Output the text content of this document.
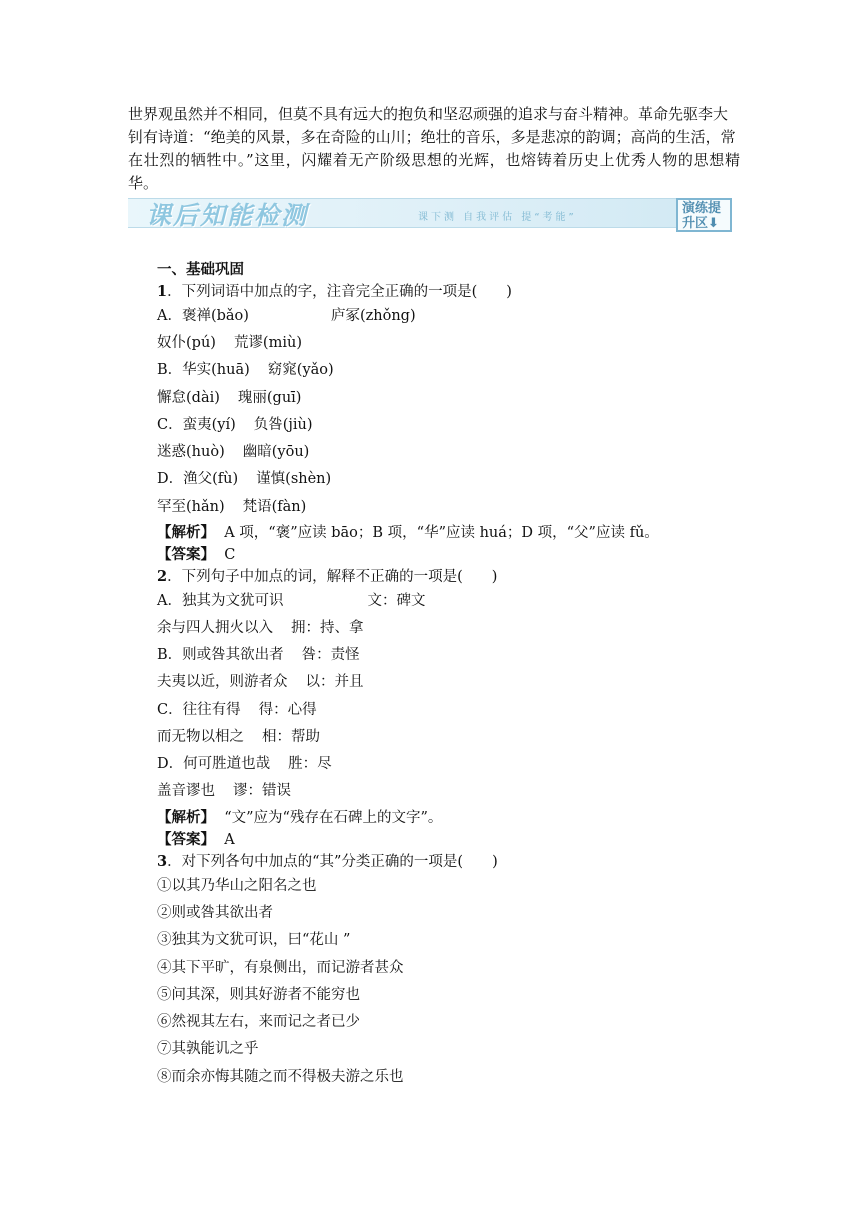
世界观虽然并不相同，但莫不具有远大的抱负和坚忍顽强的追求与奋斗精神。革命先驱李大

钊有诗道：“绝美的风景，多在奇险的山川；绝壮的音乐，多是悲凉的韵调；高尚的生活，常

在壮烈的牺牲中。”这里，闪耀着无产阶级思想的光辉，也熔铸着历史上优秀人物的思想精华。

课后知能检测	课下测 自我评估 提“考能”
演练提
升区⬇
一、基础巩固
1．下列词语中加点的字，注音完全正确的一项是(　　)
A．褒禅(bǎo)	庐冢(zhǒng)
奴仆(pú) 荒谬(miù)
B．华实(huā) 窈窕(yǎo)
懈怠(dài) 瑰丽(guī)
C．蛮夷(yí) 负咎(jiù)
迷惑(huò) 幽暗(yōu)
D．渔父(fù) 谨慎(shèn)
罕至(hǎn) 梵语(fàn)
【解析】 A 项，“褒”应读 bāo；B 项，“华”应读 huá；D 项，“父”应读 fǔ。
【答案】 C
2．下列句子中加点的词，解释不正确的一项是(　　)
A．独其为文犹可识	文：碑文
余与四人拥火以入 拥：持、拿
B．则或咎其欲出者 咎：责怪
夫夷以近，则游者众 以：并且
C．往往有得 得：心得
而无物以相之 相：帮助
D．何可胜道也哉 胜：尽
盖音谬也 谬：错误
【解析】 “文”应为“残存在石碑上的文字”。
【答案】 A
3．对下列各句中加点的“其”分类正确的一项是(　　)
①以其乃华山之阳名之也
②则或咎其欲出者
③独其为文犹可识，曰“花山 ”
④其下平旷，有泉侧出，而记游者甚众
⑤问其深，则其好游者不能穷也
⑥然视其左右，来而记之者已少
⑦其孰能讥之乎
⑧而余亦悔其随之而不得极夫游之乐也
